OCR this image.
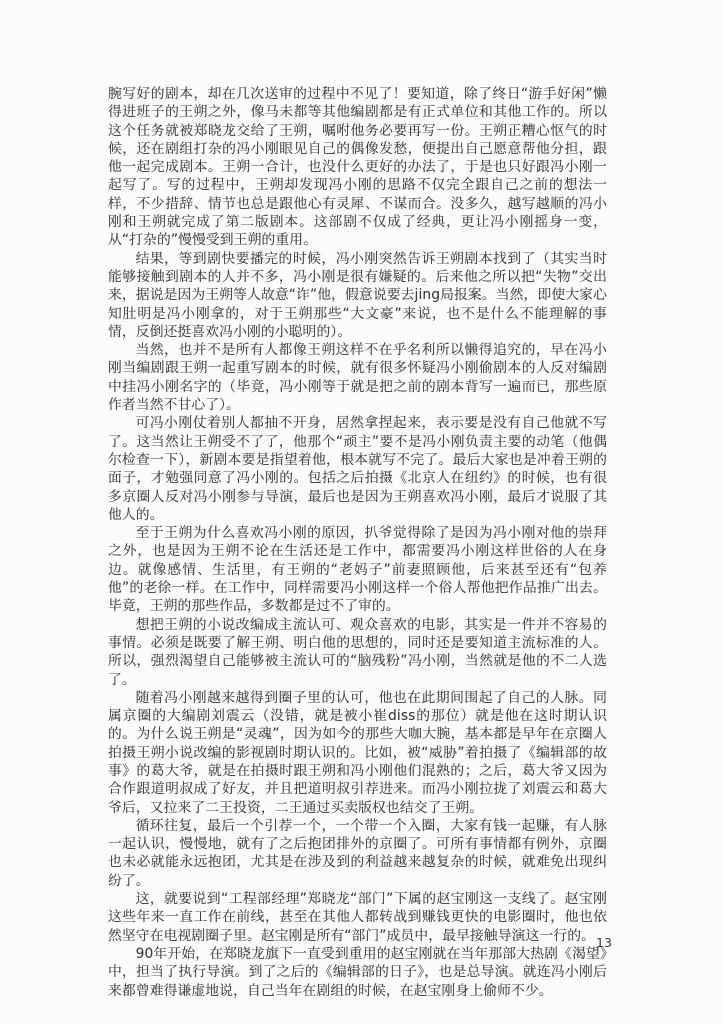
腕写好的剧本，却在几次送审的过程中不见了！要知道，除了终日“游手好闲”懒得进班子的王朔之外，像马未都等其他编剧都是有正式单位和其他工作的。所以这个任务就被郑晓龙交给了王朔，嘱咐他务必要再写一份。王朔正糟心怄气的时候，还在剧组打杂的冯小刚眼见自己的偶像发愁，便提出自己愿意帮他分担，跟他一起完成剧本。王朔一合计，也没什么更好的办法了，于是也只好跟冯小刚一起写了。写的过程中，王朔却发现冯小刚的思路不仅完全跟自己之前的想法一样，不少措辞、情节也总是跟他心有灵犀、不谋而合。没多久，越写越顺的冯小刚和王朔就完成了第二版剧本。这部剧不仅成了经典，更让冯小刚摇身一变，从“打杂的”慢慢受到王朔的重用。

结果，等到剧快要播完的时候，冯小刚突然告诉王朔剧本找到了（其实当时能够接触到剧本的人并不多，冯小刚是很有嫌疑的。后来他之所以把“失物”交出来，据说是因为王朔等人故意“诈”他，假意说要去jing局报案。当然，即使大家心知肚明是冯小刚拿的，对于王朔那些“大文豪”来说，也不是什么不能理解的事情，反倒还挺喜欢冯小刚的小聪明的）。

当然，也并不是所有人都像王朔这样不在乎名利所以懒得追究的，早在冯小刚当编剧跟王朔一起重写剧本的时候，就有很多怀疑冯小刚偷剧本的人反对编剧中挂冯小刚名字的（毕竟，冯小刚等于就是把之前的剧本背写一遍而已，那些原作者当然不甘心了）。

可冯小刚仗着别人都抽不开身，居然拿捏起来，表示要是没有自己他就不写了。这当然让王朔受不了了，他那个“顽主”要不是冯小刚负责主要的动笔（他偶尔检查一下），新剧本要是指望着他，根本就写不完了。最后大家也是冲着王朔的面子，才勉强同意了冯小刚的。包括之后拍摄《北京人在纽约》的时候，也有很多京圈人反对冯小刚参与导演，最后也是因为王朔喜欢冯小刚，最后才说服了其他人的。

至于王朔为什么喜欢冯小刚的原因，扒爷觉得除了是因为冯小刚对他的崇拜之外，也是因为王朔不论在生活还是工作中，都需要冯小刚这样世俗的人在身边。就像感情、生活里，有王朔的“老妈子”前妻照顾他，后来甚至还有“包养他”的老徐一样。在工作中，同样需要冯小刚这样一个俗人帮他把作品推广出去。毕竟，王朔的那些作品，多数都是过不了审的。

想把王朔的小说改编成主流认可、观众喜欢的电影，其实是一件并不容易的事情。必须是既要了解王朔、明白他的思想的，同时还是要知道主流标准的人。所以，强烈渴望自己能够被主流认可的“脑残粉”冯小刚，当然就是他的不二人选了。

随着冯小刚越来越得到圈子里的认可，他也在此期间围起了自己的人脉。同属京圈的大编剧刘震云（没错，就是被小崔diss的那位）就是他在这时期认识的。为什么说王朔是“灵魂”，因为如今的那些大咖大腕，基本都是早年在京圈人拍摄王朔小说改编的影视剧时期认识的。比如，被“威胁”着拍摄了《编辑部的故事》的葛大爷，就是在拍摄时跟王朔和冯小刚他们混熟的；之后，葛大爷又因为合作跟道明叔成了好友，并且把道明叔引荐进来。而冯小刚拉拢了刘震云和葛大爷后，又拉来了二王投资，二王通过买卖版权也结交了王朔。

循环往复，最后一个引荐一个，一个带一个入圈，大家有钱一起赚，有人脉一起认识，慢慢地，就有了之后抱团排外的京圈了。可所有事情都有例外，京圈也未必就能永远抱团，尤其是在涉及到的利益越来越复杂的时候，就难免出现纠纷了。

这，就要说到“工程部经理”郑晓龙“部门”下属的赵宝刚这一支线了。赵宝刚这些年来一直工作在前线，甚至在其他人都转战到赚钱更快的电影圈时，他也依然坚守在电视剧圈子里。赵宝刚是所有“部门”成员中，最早接触导演这一行的。

90年开始，在郑晓龙旗下一直受到重用的赵宝刚就在当年那部大热剧《渴望》中，担当了执行导演。到了之后的《编辑部的日子》，也是总导演。就连冯小刚后来都曾难得谦虚地说，自己当年在剧组的时候，在赵宝刚身上偷师不少。

13
